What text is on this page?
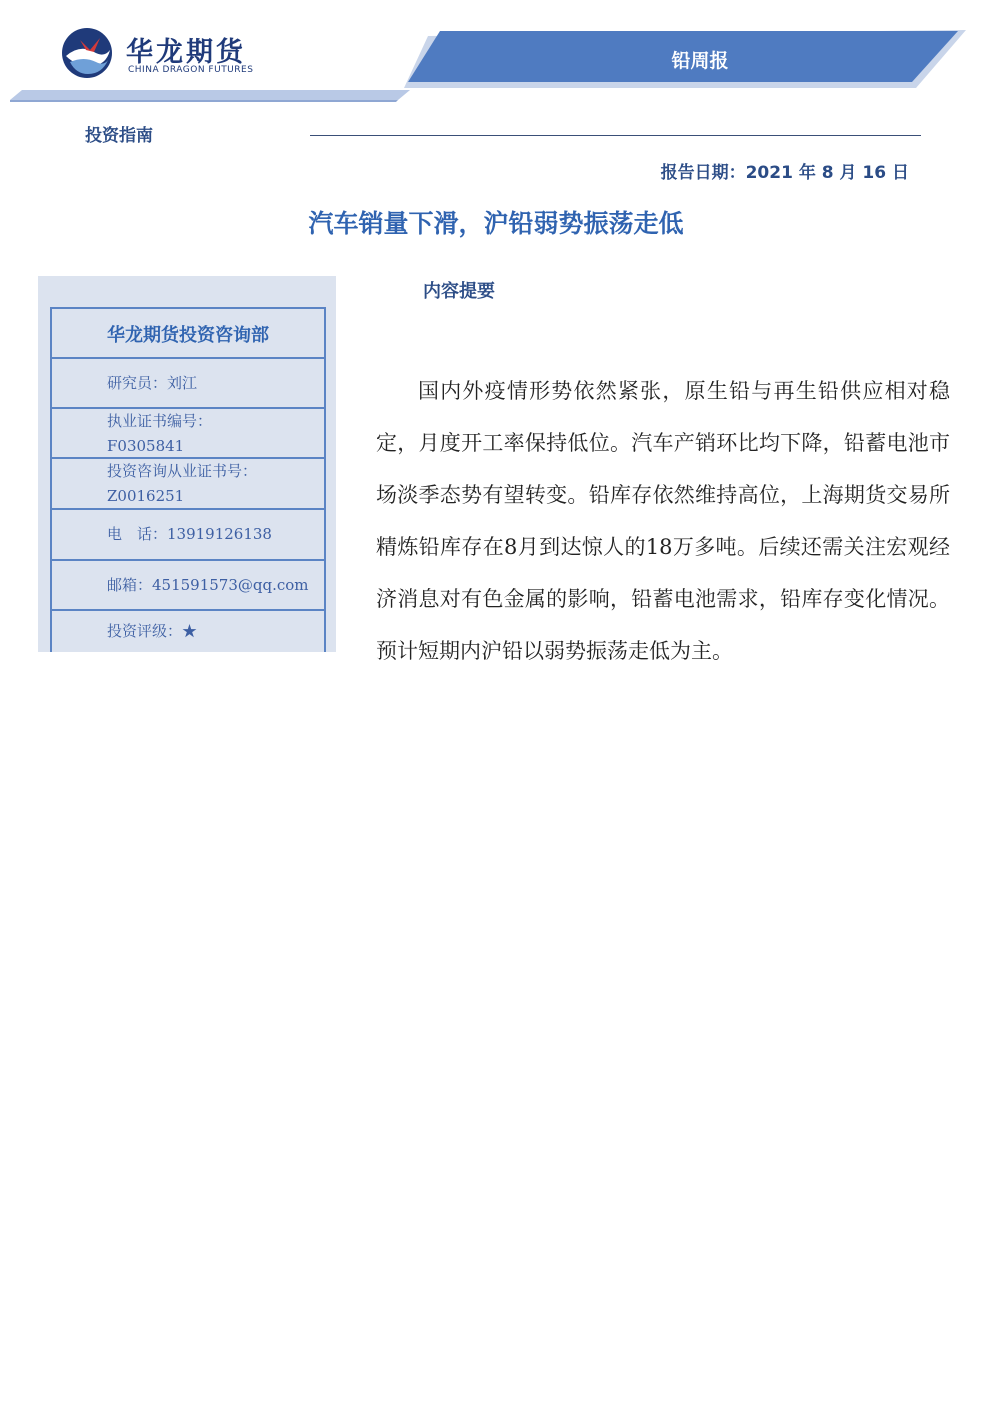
华龙期货
CHINA DRAGON FUTURES	铅周报
投资指南
报告日期：2021 年 8 月 16 日
汽车销量下滑，沪铅弱势振荡走低
华龙期货投资咨询部
研究员：刘江
执业证书编号：
F0305841
投资咨询从业证书号：
Z0016251
电　话：13919126138
邮箱：451591573@qq.com
投资评级：★
内容提要

国内外疫情形势依然紧张，原生铅与再生铅供应相对稳定，月度开工率保持低位。汽车产销环比均下降，铅蓄电池市场淡季态势有望转变。铅库存依然维持高位，上海期货交易所精炼铅库存在8月到达惊人的18万多吨。后续还需关注宏观经济消息对有色金属的影响，铅蓄电池需求，铅库存变化情况。预计短期内沪铅以弱势振荡走低为主。
